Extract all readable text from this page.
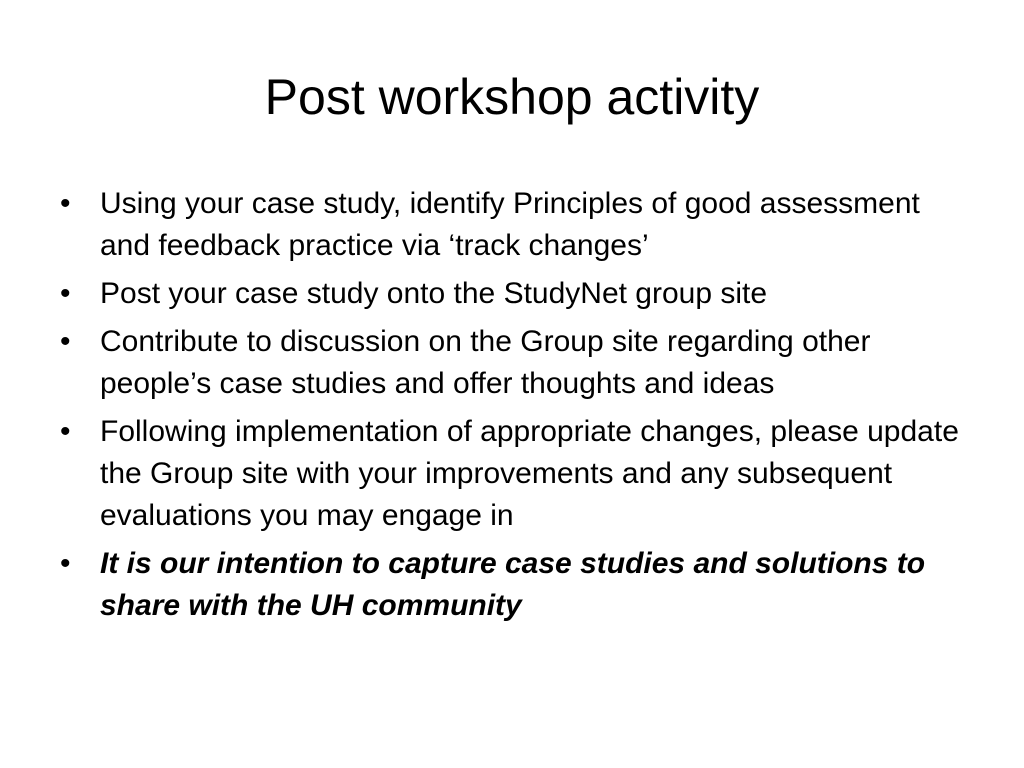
Post workshop activity
• Using your case study, identify Principles of good assessment and feedback practice via ‘track changes’
• Post your case study onto the StudyNet group site
• Contribute to discussion on the Group site regarding other people’s case studies and offer thoughts and ideas
• Following implementation of appropriate changes, please update the Group site with your improvements and any subsequent evaluations you may engage in
• It is our intention to capture case studies and solutions to share with the UH community
